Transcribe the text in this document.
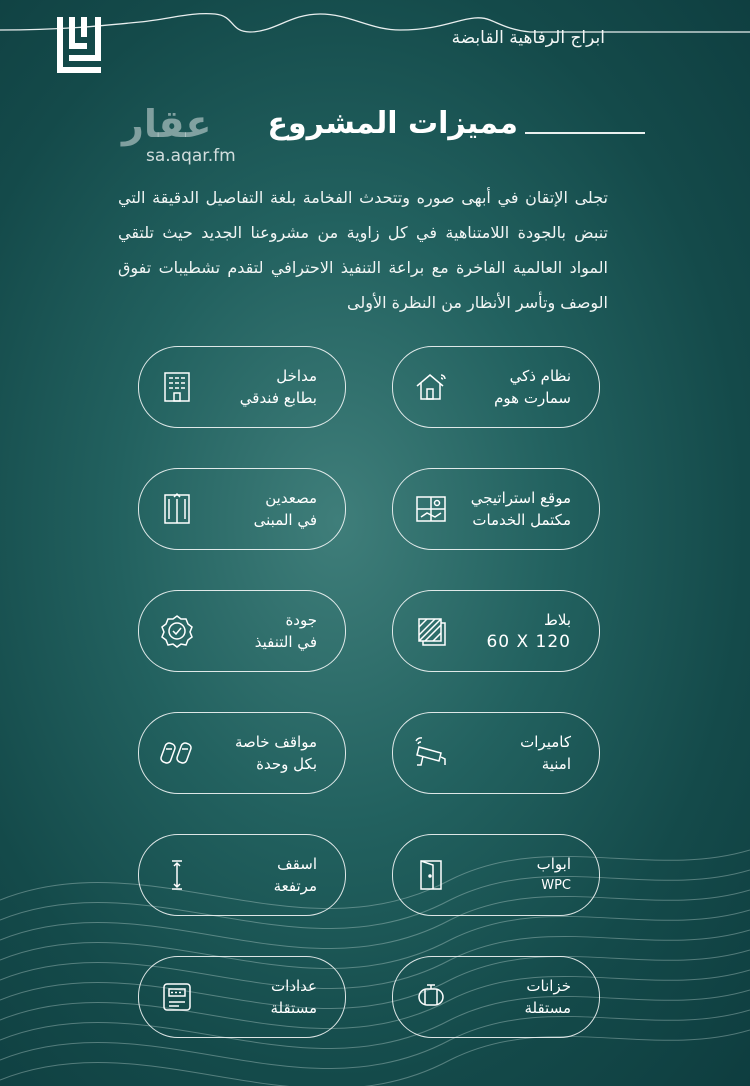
ابراج الرفاهية القابضة
مميزات المشروع
عقار
sa.aqar.fm
تجلى الإتقان في أبهى صوره وتتحدث الفخامة بلغة التفاصيل الدقيقة التي تنبض بالجودة اللامتناهية في كل زاوية من مشروعنا الجديد حيث تلتقي المواد العالمية الفاخرة مع براعة التنفيذ الاحترافي لتقدم تشطيبات تفوق الوصف وتأسر الأنظار من النظرة الأولى
نظام ذكي
سمارت هوم
موقع استراتيجي
مكتمل الخدمات
بلاط
60 X 120
كاميرات
امنية
ابواب
WPC
خزانات
مستقلة
مداخل
بطابع فندقي
مصعدين
في المبنى
جودة
في التنفيذ
مواقف خاصة
بكل وحدة
اسقف
مرتفعة
عدادات
مستقلة
